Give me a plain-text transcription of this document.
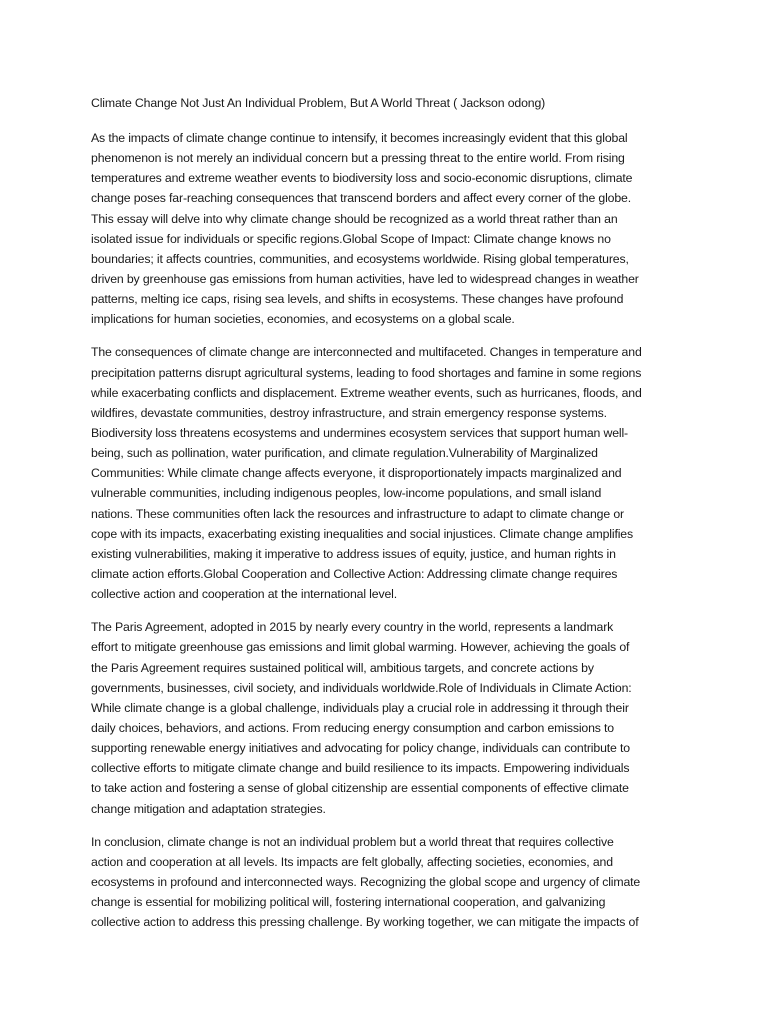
Climate Change Not Just An Individual Problem, But A World Threat ( Jackson odong)
As the impacts of climate change continue to intensify, it becomes increasingly evident that this global
phenomenon is not merely an individual concern but a pressing threat to the entire world. From rising
temperatures and extreme weather events to biodiversity loss and socio-economic disruptions, climate
change poses far-reaching consequences that transcend borders and affect every corner of the globe.
This essay will delve into why climate change should be recognized as a world threat rather than an
isolated issue for individuals or specific regions.Global Scope of Impact: Climate change knows no
boundaries; it affects countries, communities, and ecosystems worldwide. Rising global temperatures,
driven by greenhouse gas emissions from human activities, have led to widespread changes in weather
patterns, melting ice caps, rising sea levels, and shifts in ecosystems. These changes have profound
implications for human societies, economies, and ecosystems on a global scale.
The consequences of climate change are interconnected and multifaceted. Changes in temperature and
precipitation patterns disrupt agricultural systems, leading to food shortages and famine in some regions
while exacerbating conflicts and displacement. Extreme weather events, such as hurricanes, floods, and
wildfires, devastate communities, destroy infrastructure, and strain emergency response systems.
Biodiversity loss threatens ecosystems and undermines ecosystem services that support human well-
being, such as pollination, water purification, and climate regulation.Vulnerability of Marginalized
Communities: While climate change affects everyone, it disproportionately impacts marginalized and
vulnerable communities, including indigenous peoples, low-income populations, and small island
nations. These communities often lack the resources and infrastructure to adapt to climate change or
cope with its impacts, exacerbating existing inequalities and social injustices. Climate change amplifies
existing vulnerabilities, making it imperative to address issues of equity, justice, and human rights in
climate action efforts.Global Cooperation and Collective Action: Addressing climate change requires
collective action and cooperation at the international level.
The Paris Agreement, adopted in 2015 by nearly every country in the world, represents a landmark
effort to mitigate greenhouse gas emissions and limit global warming. However, achieving the goals of
the Paris Agreement requires sustained political will, ambitious targets, and concrete actions by
governments, businesses, civil society, and individuals worldwide.Role of Individuals in Climate Action:
While climate change is a global challenge, individuals play a crucial role in addressing it through their
daily choices, behaviors, and actions. From reducing energy consumption and carbon emissions to
supporting renewable energy initiatives and advocating for policy change, individuals can contribute to
collective efforts to mitigate climate change and build resilience to its impacts. Empowering individuals
to take action and fostering a sense of global citizenship are essential components of effective climate
change mitigation and adaptation strategies.
In conclusion, climate change is not an individual problem but a world threat that requires collective
action and cooperation at all levels. Its impacts are felt globally, affecting societies, economies, and
ecosystems in profound and interconnected ways. Recognizing the global scope and urgency of climate
change is essential for mobilizing political will, fostering international cooperation, and galvanizing
collective action to address this pressing challenge. By working together, we can mitigate the impacts of
